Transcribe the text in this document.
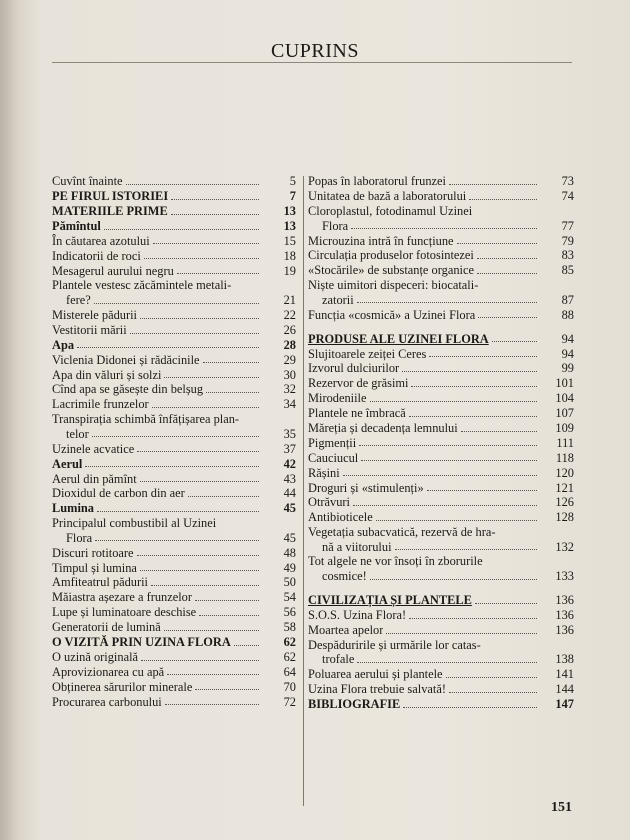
CUPRINS
Cuvînt înainte	5
PE FIRUL ISTORIEI	7
MATERIILE PRIME	13
Pămîntul	13
În căutarea azotului	15
Indicatorii de roci	18
Mesagerul aurului negru	19
Plantele vestesc zăcămintele metali-
fere?	21
Misterele pădurii	22
Vestitorii mării	26
Apa	28
Viclenia Didonei și rădăcinile	29
Apa din văluri și solzi	30
Cînd apa se găsește din belșug	32
Lacrimile frunzelor	34
Transpirația schimbă înfățișarea plan-
telor	35
Uzinele acvatice	37
Aerul	42
Aerul din pămînt	43
Dioxidul de carbon din aer	44
Lumina	45
Principalul combustibil al Uzinei
Flora	45
Discuri rotitoare	48
Timpul și lumina	49
Amfiteatrul pădurii	50
Măiastra așezare a frunzelor	54
Lupe și luminatoare deschise	56
Generatorii de lumină	58
O VIZITĂ PRIN UZINA FLORA	62
O uzină originală	62
Aprovizionarea cu apă	64
Obținerea sărurilor minerale	70
Procurarea carbonului	72
Popas în laboratorul frunzei	73
Unitatea de bază a laboratorului	74
Cloroplastul, fotodinamul Uzinei
Flora	77
Microuzina intră în funcțiune	79
Circulația produselor fotosintezei	83
«Stocările» de substanțe organice	85
Niște uimitori dispeceri: biocatali-
zatorii	87
Funcția «cosmică» a Uzinei Flora	88
PRODUSE ALE UZINEI FLORA	94
Slujitoarele zeiței Ceres	94
Izvorul dulciurilor	99
Rezervor de grăsimi	101
Mirodeniile	104
Plantele ne îmbracă	107
Măreția și decadența lemnului	109
Pigmenții	111
Cauciucul	118
Rășini	120
Droguri și «stimulenți»	121
Otrăvuri	126
Antibioticele	128
Vegetația subacvatică, rezervă de hra-
nă a viitorului	132
Tot algele ne vor însoți în zborurile
cosmice!	133
CIVILIZAȚIA ȘI PLANTELE	136
S.O.S. Uzina Flora!	136
Moartea apelor	136
Despăduririle și urmările lor catas-
trofale	138
Poluarea aerului și plantele	141
Uzina Flora trebuie salvată!	144
BIBLIOGRAFIE	147
151
